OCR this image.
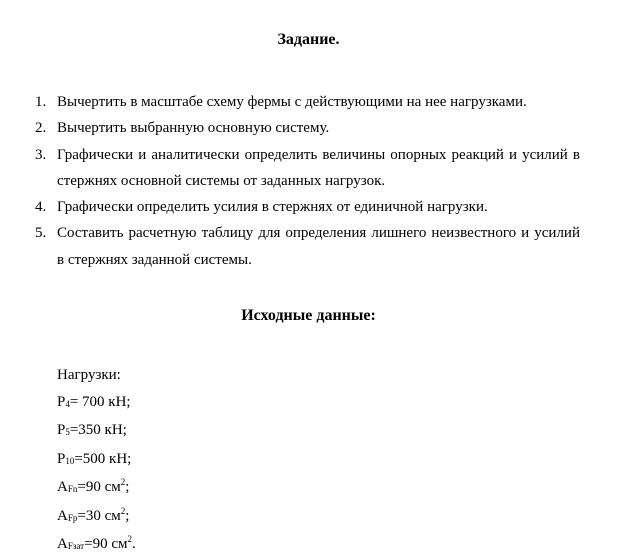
Задание.
1. Вычертить в масштабе схему фермы с действующими на нее нагрузками.
2. Вычертить выбранную основную систему.
3. Графически и аналитически определить величины опорных реакций и усилий в стержнях основной системы от заданных нагрузок.
4. Графически определить усилия в стержнях от единичной нагрузки.
5. Составить расчетную таблицу для определения лишнего неизвестного и усилий в стержнях заданной системы.
Исходные данные:
Нагрузки:
$P_4= 700$ кН;
$P_5=350$ кН;
$P_{10}=500$ кН;
$A_{Fn}=90$ $см^2$;
$A_{Fp}=30$ $см^2$;
$A_{Fзат}=90$ $см^2$.
